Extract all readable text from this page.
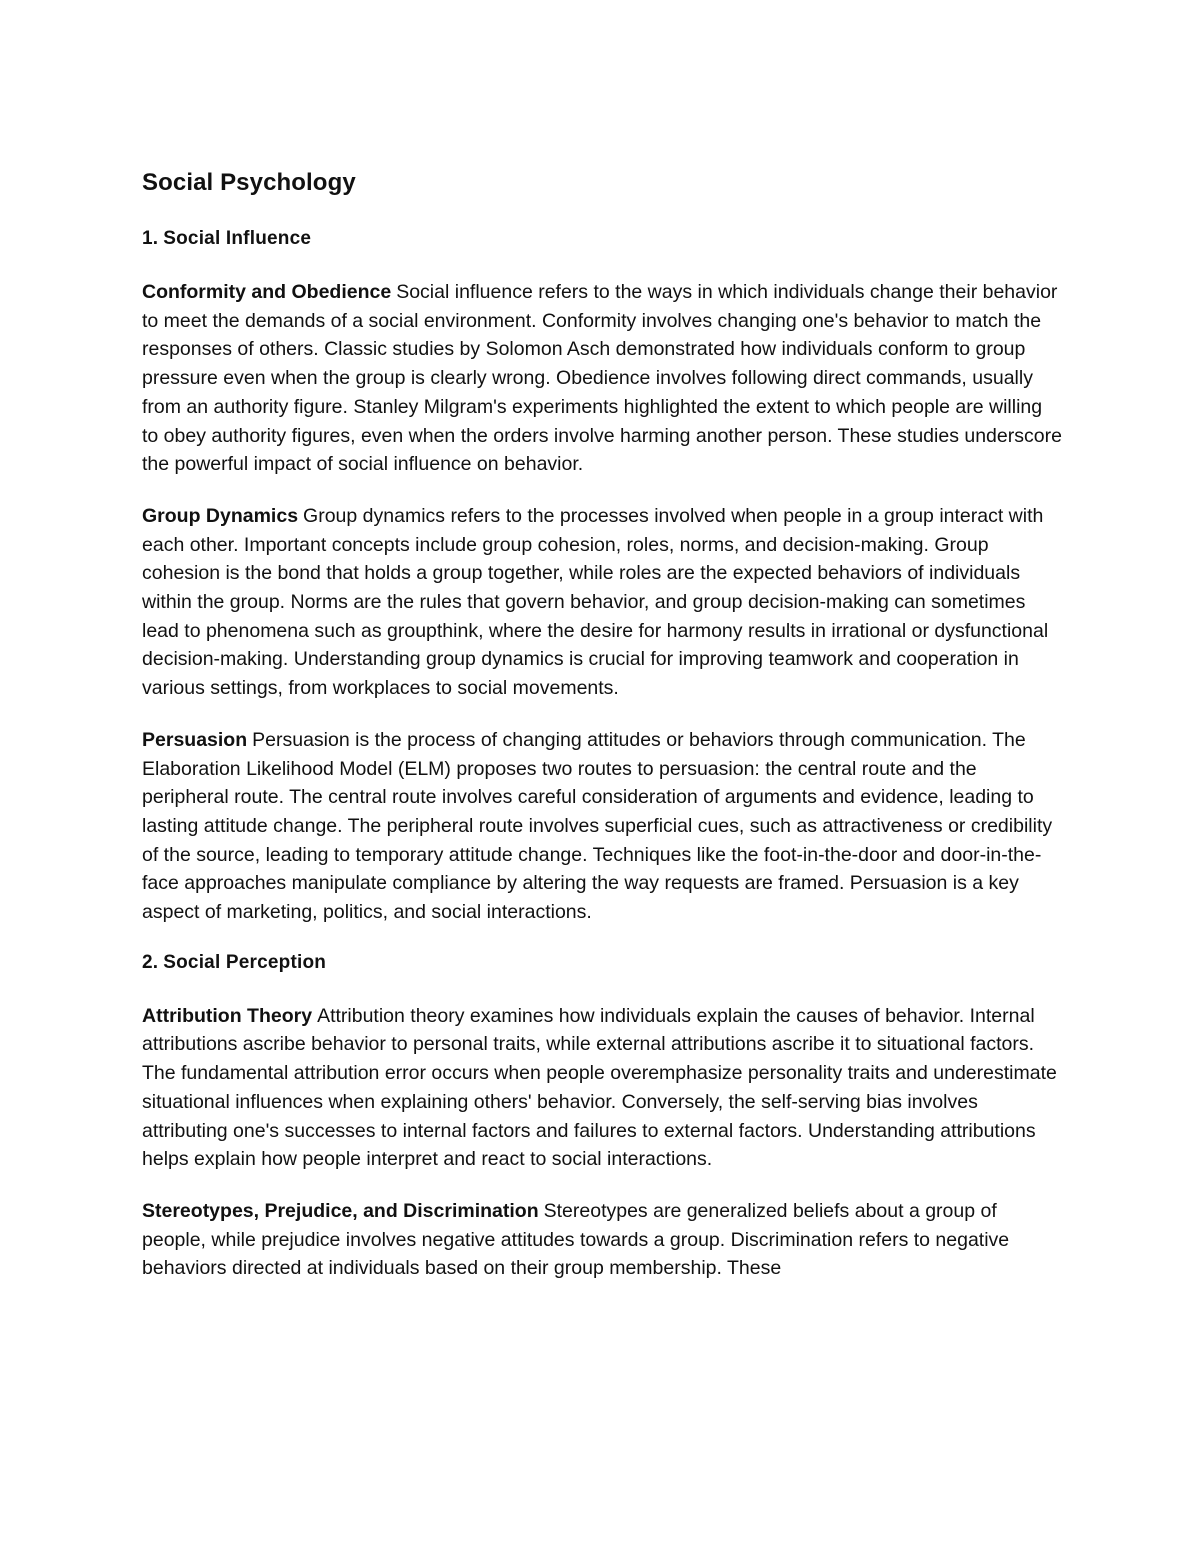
Social Psychology
1. Social Influence

Conformity and Obedience Social influence refers to the ways in which individuals change their behavior to meet the demands of a social environment. Conformity involves changing one's behavior to match the responses of others. Classic studies by Solomon Asch demonstrated how individuals conform to group pressure even when the group is clearly wrong. Obedience involves following direct commands, usually from an authority figure. Stanley Milgram's experiments highlighted the extent to which people are willing to obey authority figures, even when the orders involve harming another person. These studies underscore the powerful impact of social influence on behavior.

Group Dynamics Group dynamics refers to the processes involved when people in a group interact with each other. Important concepts include group cohesion, roles, norms, and decision-making. Group cohesion is the bond that holds a group together, while roles are the expected behaviors of individuals within the group. Norms are the rules that govern behavior, and group decision-making can sometimes lead to phenomena such as groupthink, where the desire for harmony results in irrational or dysfunctional decision-making. Understanding group dynamics is crucial for improving teamwork and cooperation in various settings, from workplaces to social movements.

Persuasion Persuasion is the process of changing attitudes or behaviors through communication. The Elaboration Likelihood Model (ELM) proposes two routes to persuasion: the central route and the peripheral route. The central route involves careful consideration of arguments and evidence, leading to lasting attitude change. The peripheral route involves superficial cues, such as attractiveness or credibility of the source, leading to temporary attitude change. Techniques like the foot-in-the-door and door-in-the-face approaches manipulate compliance by altering the way requests are framed. Persuasion is a key aspect of marketing, politics, and social interactions.

2. Social Perception

Attribution Theory Attribution theory examines how individuals explain the causes of behavior. Internal attributions ascribe behavior to personal traits, while external attributions ascribe it to situational factors. The fundamental attribution error occurs when people overemphasize personality traits and underestimate situational influences when explaining others' behavior. Conversely, the self-serving bias involves attributing one's successes to internal factors and failures to external factors. Understanding attributions helps explain how people interpret and react to social interactions.

Stereotypes, Prejudice, and Discrimination Stereotypes are generalized beliefs about a group of people, while prejudice involves negative attitudes towards a group. Discrimination refers to negative behaviors directed at individuals based on their group membership. These
